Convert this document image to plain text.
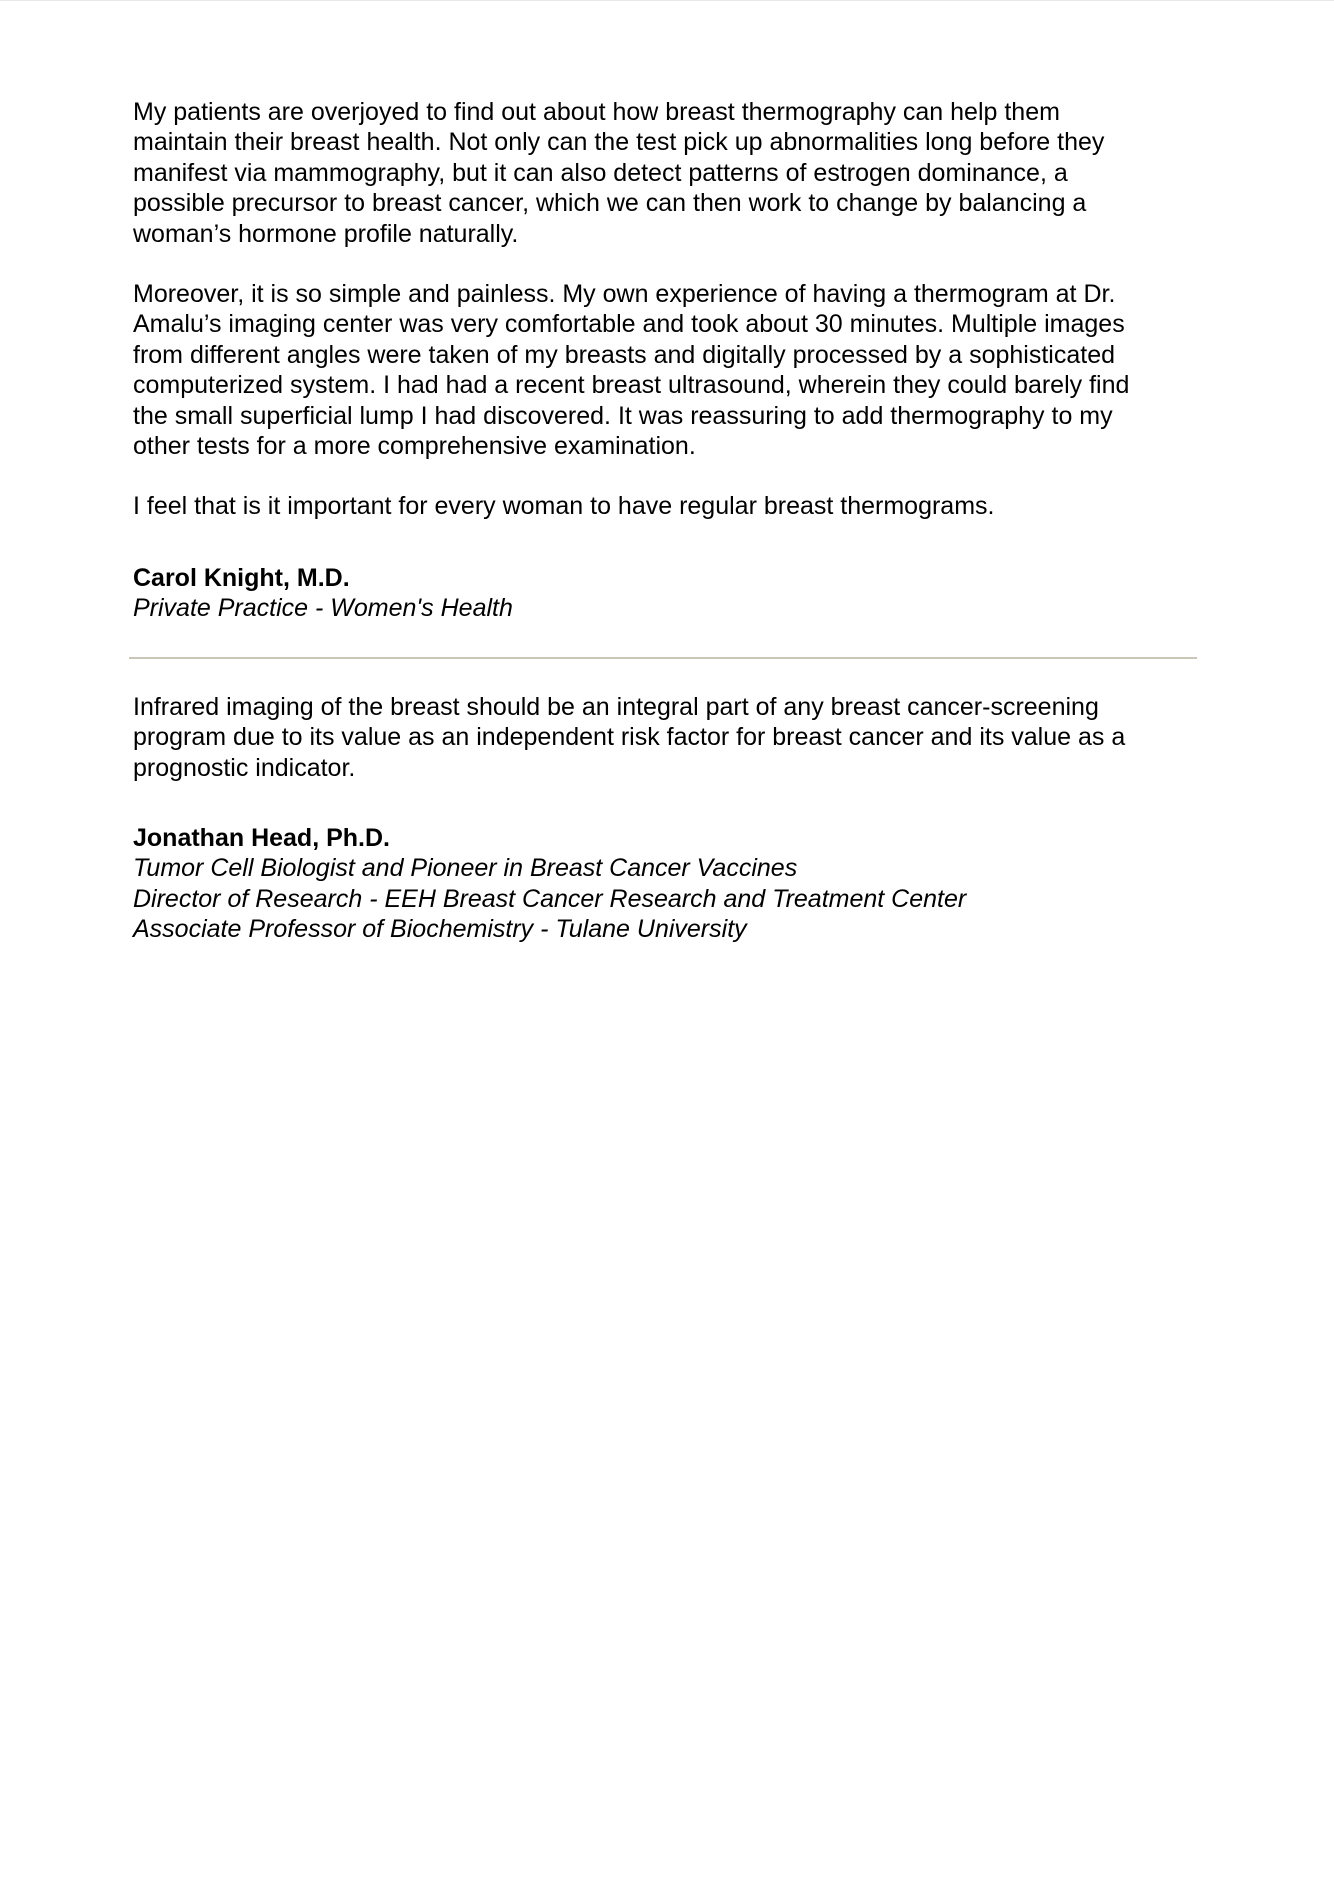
My patients are overjoyed to find out about how breast thermography can help them
maintain their breast health. Not only can the test pick up abnormalities long before they
manifest via mammography, but it can also detect patterns of estrogen dominance, a
possible precursor to breast cancer, which we can then work to change by balancing a
woman’s hormone profile naturally.

Moreover, it is so simple and painless. My own experience of having a thermogram at Dr.
Amalu’s imaging center was very comfortable and took about 30 minutes. Multiple images
from different angles were taken of my breasts and digitally processed by a sophisticated
computerized system. I had had a recent breast ultrasound, wherein they could barely find
the small superficial lump I had discovered. It was reassuring to add thermography to my
other tests for a more comprehensive examination.

I feel that is it important for every woman to have regular breast thermograms.

Carol Knight, M.D.

Private Practice - Women's Health

Infrared imaging of the breast should be an integral part of any breast cancer-screening
program due to its value as an independent risk factor for breast cancer and its value as a
prognostic indicator.

Jonathan Head, Ph.D.

Tumor Cell Biologist and Pioneer in Breast Cancer Vaccines

Director of Research - EEH Breast Cancer Research and Treatment Center

Associate Professor of Biochemistry - Tulane University
